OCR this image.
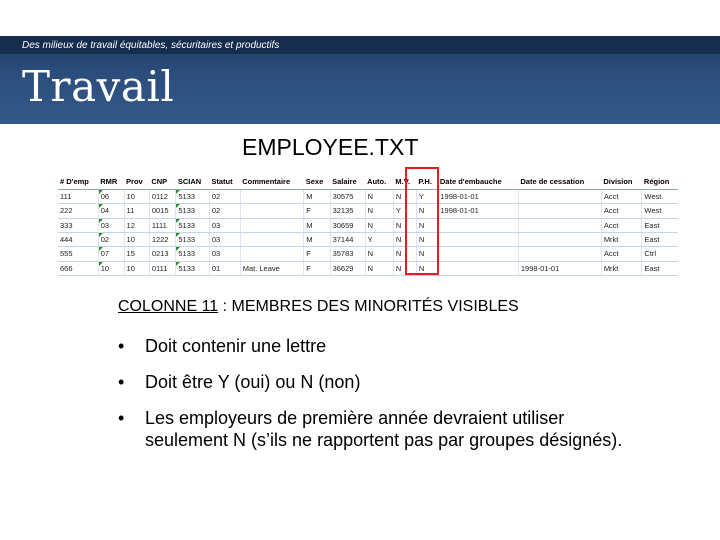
Des milieux de travail équitables, sécuritaires et productifs
Travail
EMPLOYEE.TXT
# D'emp	RMR	Prov	CNP	SCIAN	Statut	Commentaire	Sexe	Salaire	Auto.	M.V.	P.H.	Date d'embauche	Date de cessation	Division	Région
111	06	10	0112	5133	02		M	30575	N	N	Y	1998-01-01		Acct	West
222	04	11	0015	5133	02		F	32135	N	Y	N	1998-01-01		Acct	West
333	03	12	1111	5133	03		M	30659	N	N	N			Acct	East
444	02	10	1222	5133	03		M	37144	Y	N	N			Mrkt	East
555	07	15	0213	5133	03		F	35783	N	N	N			Acct	Ctrl
666	10	10	0111	5133	01	Mat. Leave	F	36629	N	N	N		1998-01-01	Mrkt	East
COLONNE 11 : MEMBRES DES MINORITÉS VISIBLES
• Doit contenir une lettre
• Doit être Y (oui) ou N (non)
• Les employeurs de première année devraient utiliser seulement N (s’ils ne rapportent pas par groupes désignés).
